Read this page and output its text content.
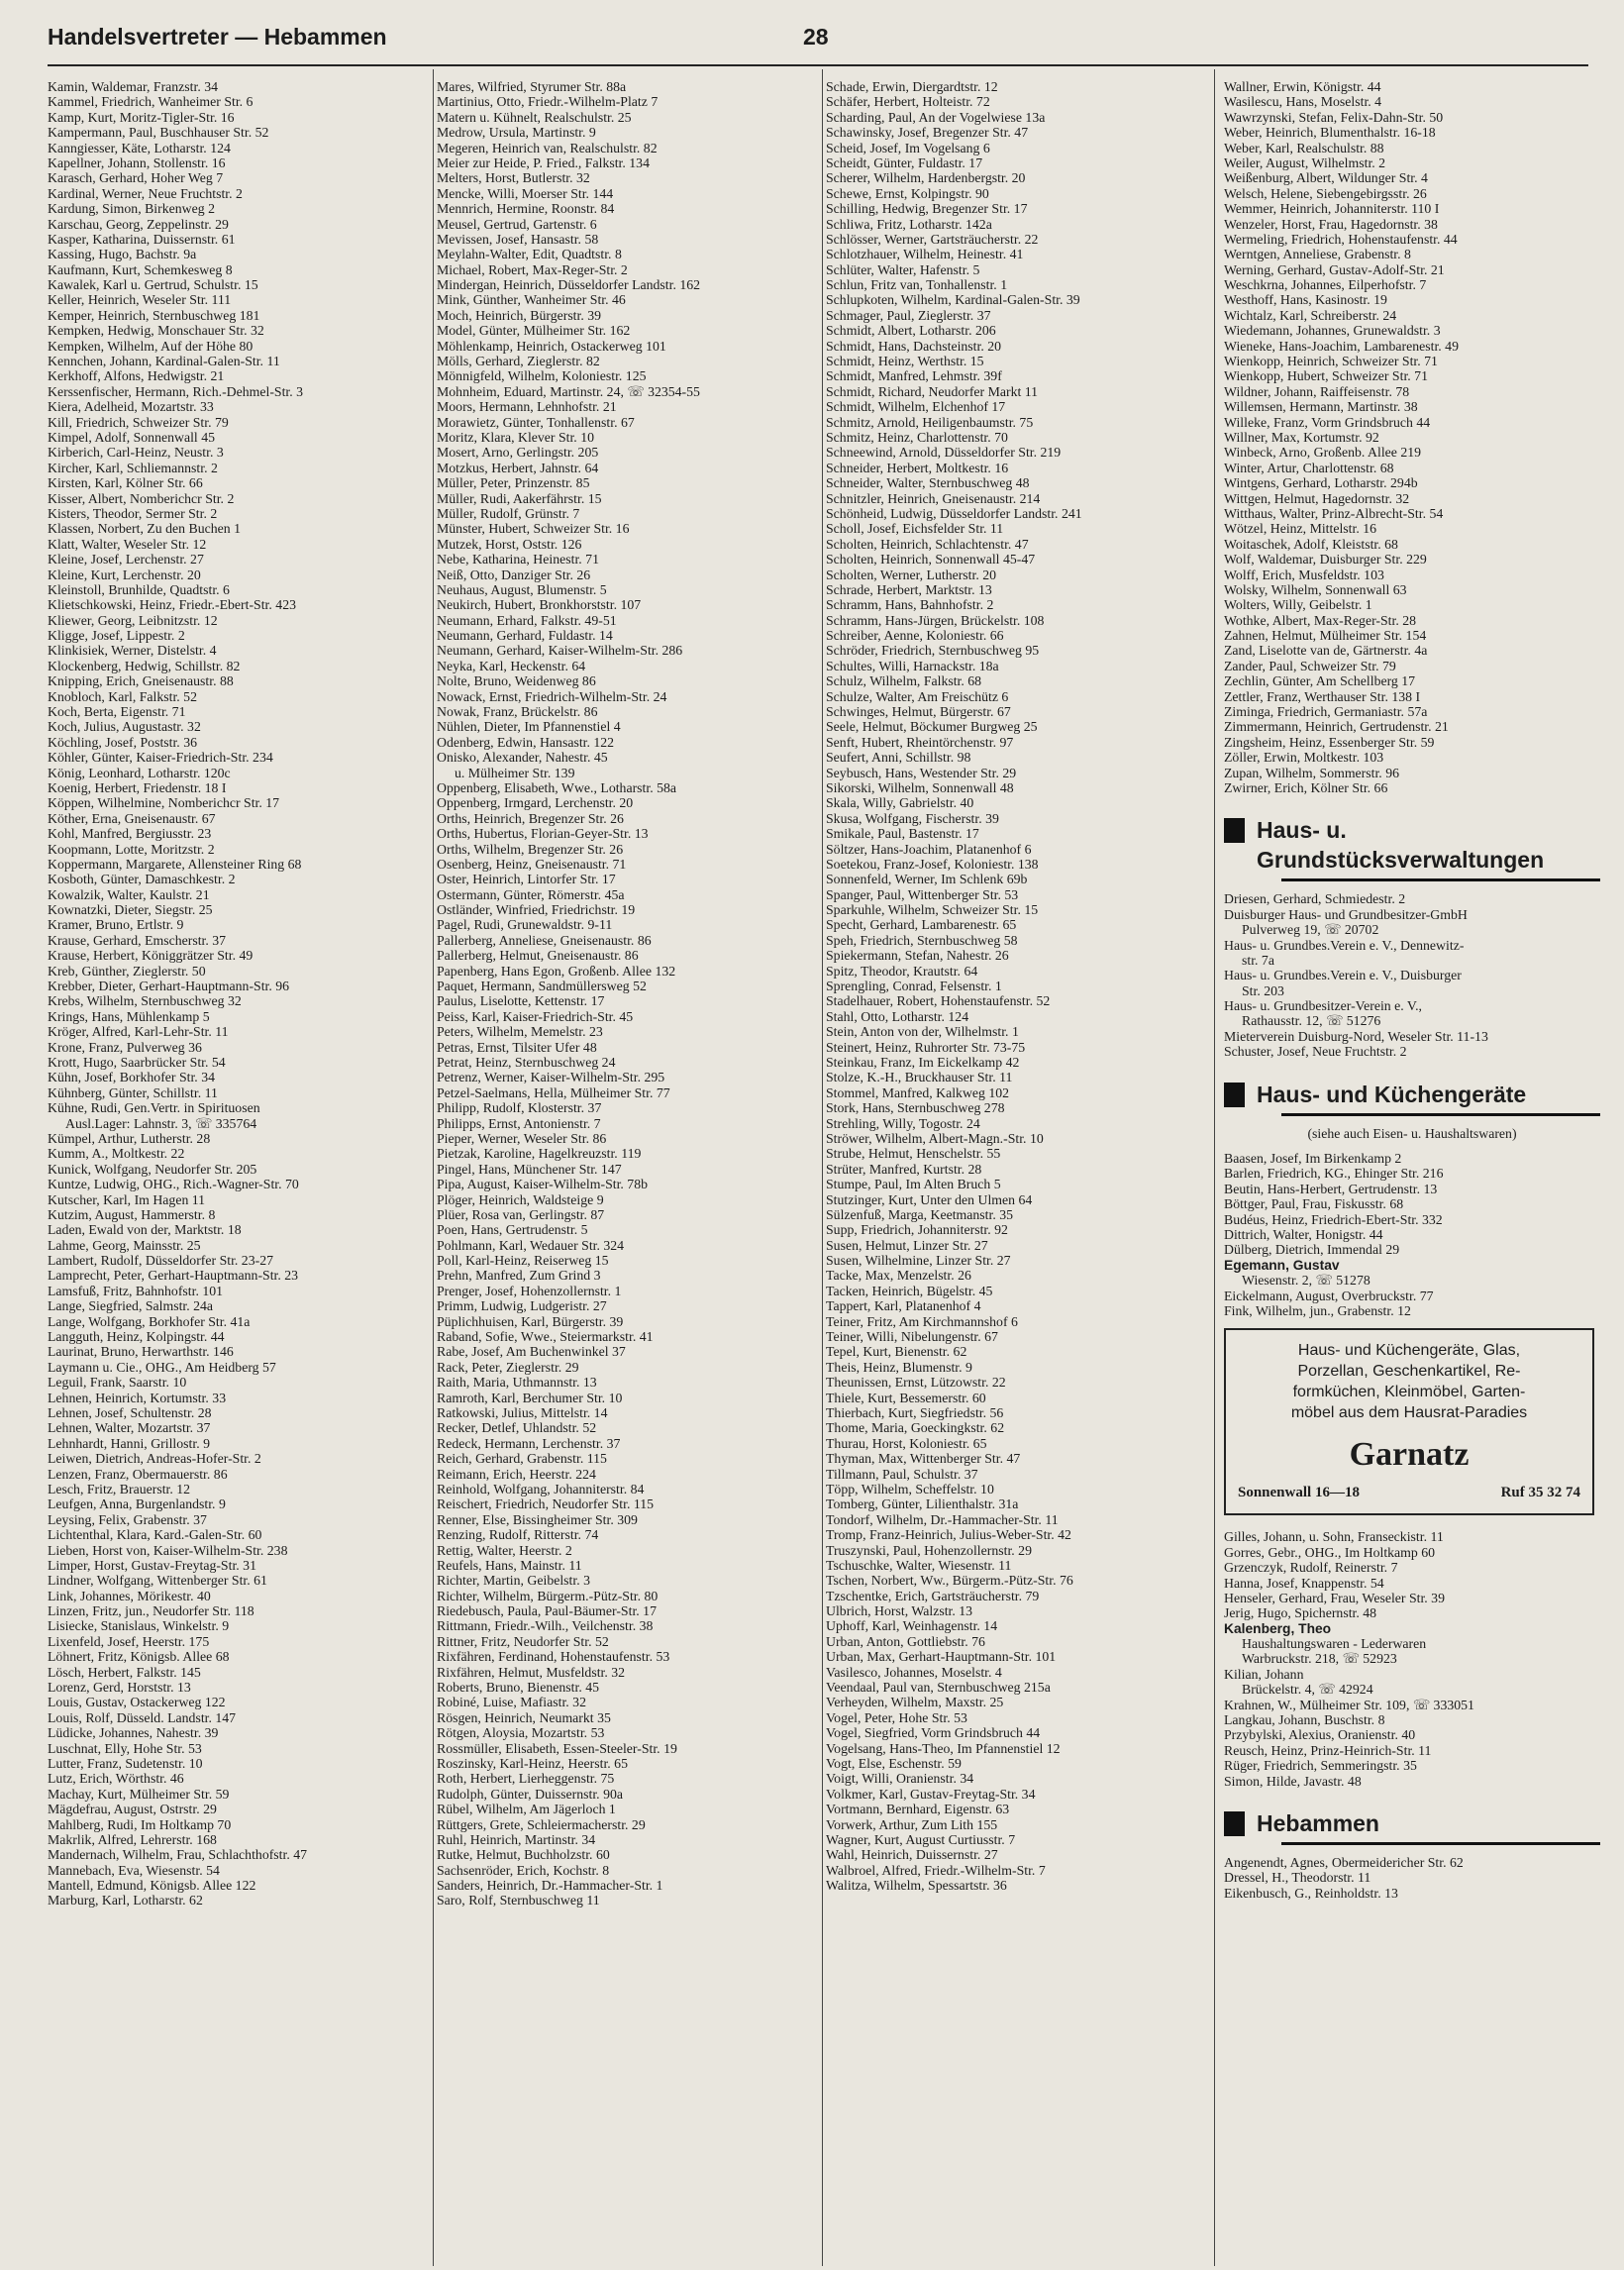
Handelsvertreter — Hebammen	28
Kamin, Waldemar, Franzstr. 34
Kammel, Friedrich, Wanheimer Str. 6
Kamp, Kurt, Moritz-Tigler-Str. 16
Kampermann, Paul, Buschhauser Str. 52
Kanngiesser, Käte, Lotharstr. 124
Kapellner, Johann, Stollenstr. 16
Karasch, Gerhard, Hoher Weg 7
Kardinal, Werner, Neue Fruchtstr. 2
Kardung, Simon, Birkenweg 2
Karschau, Georg, Zeppelinstr. 29
Kasper, Katharina, Duissernstr. 61
Kassing, Hugo, Bachstr. 9a
Kaufmann, Kurt, Schemkesweg 8
Kawalek, Karl u. Gertrud, Schulstr. 15
Keller, Heinrich, Weseler Str. 111
Kemper, Heinrich, Sternbuschweg 181
Kempken, Hedwig, Monschauer Str. 32
Kempken, Wilhelm, Auf der Höhe 80
Kennchen, Johann, Kardinal-Galen-Str. 11
Kerkhoff, Alfons, Hedwigstr. 21
Kerssenfischer, Hermann, Rich.-Dehmel-Str. 3
Kiera, Adelheid, Mozartstr. 33
Kill, Friedrich, Schweizer Str. 79
Kimpel, Adolf, Sonnenwall 45
Kirberich, Carl-Heinz, Neustr. 3
Kircher, Karl, Schliemannstr. 2
Kirsten, Karl, Kölner Str. 66
Kisser, Albert, Nomberichcr Str. 2
Kisters, Theodor, Sermer Str. 2
Klassen, Norbert, Zu den Buchen 1
Klatt, Walter, Weseler Str. 12
Kleine, Josef, Lerchenstr. 27
Kleine, Kurt, Lerchenstr. 20
Kleinstoll, Brunhilde, Quadtstr. 6
Klietschkowski, Heinz, Friedr.-Ebert-Str. 423
Kliewer, Georg, Leibnitzstr. 12
Kligge, Josef, Lippestr. 2
Klinkisiek, Werner, Distelstr. 4
Klockenberg, Hedwig, Schillstr. 82
Knipping, Erich, Gneisenaustr. 88
Knobloch, Karl, Falkstr. 52
Koch, Berta, Eigenstr. 71
Koch, Julius, Augustastr. 32
Köchling, Josef, Poststr. 36
Köhler, Günter, Kaiser-Friedrich-Str. 234
König, Leonhard, Lotharstr. 120c
Koenig, Herbert, Friedenstr. 18 I
Köppen, Wilhelmine, Nomberichcr Str. 17
Köther, Erna, Gneisenaustr. 67
Kohl, Manfred, Bergiusstr. 23
Koopmann, Lotte, Moritzstr. 2
Koppermann, Margarete, Allensteiner Ring 68
Kosboth, Günter, Damaschkestr. 2
Kowalzik, Walter, Kaulstr. 21
Kownatzki, Dieter, Siegstr. 25
Kramer, Bruno, Ertlstr. 9
Krause, Gerhard, Emscherstr. 37
Krause, Herbert, Königgrätzer Str. 49
Kreb, Günther, Zieglerstr. 50
Krebber, Dieter, Gerhart-Hauptmann-Str. 96
Krebs, Wilhelm, Sternbuschweg 32
Krings, Hans, Mühlenkamp 5
Kröger, Alfred, Karl-Lehr-Str. 11
Krone, Franz, Pulverweg 36
Krott, Hugo, Saarbrücker Str. 54
Kühn, Josef, Borkhofer Str. 34
Kühnberg, Günter, Schillstr. 11
Kühne, Rudi, Gen.Vertr. in Spirituosen
Ausl.Lager: Lahnstr. 3, ☏ 335764
Kümpel, Arthur, Lutherstr. 28
Kumm, A., Moltkestr. 22
Kunick, Wolfgang, Neudorfer Str. 205
Kuntze, Ludwig, OHG., Rich.-Wagner-Str. 70
Kutscher, Karl, Im Hagen 11
Kutzim, August, Hammerstr. 8
Laden, Ewald von der, Marktstr. 18
Lahme, Georg, Mainsstr. 25
Lambert, Rudolf, Düsseldorfer Str. 23-27
Lamprecht, Peter, Gerhart-Hauptmann-Str. 23
Lamsfuß, Fritz, Bahnhofstr. 101
Lange, Siegfried, Salmstr. 24a
Lange, Wolfgang, Borkhofer Str. 41a
Langguth, Heinz, Kolpingstr. 44
Laurinat, Bruno, Herwarthstr. 146
Laymann u. Cie., OHG., Am Heidberg 57
Leguil, Frank, Saarstr. 10
Lehnen, Heinrich, Kortumstr. 33
Lehnen, Josef, Schultenstr. 28
Lehnen, Walter, Mozartstr. 37
Lehnhardt, Hanni, Grillostr. 9
Leiwen, Dietrich, Andreas-Hofer-Str. 2
Lenzen, Franz, Obermauerstr. 86
Lesch, Fritz, Brauerstr. 12
Leufgen, Anna, Burgenlandstr. 9
Leysing, Felix, Grabenstr. 37
Lichtenthal, Klara, Kard.-Galen-Str. 60
Lieben, Horst von, Kaiser-Wilhelm-Str. 238
Limper, Horst, Gustav-Freytag-Str. 31
Lindner, Wolfgang, Wittenberger Str. 61
Link, Johannes, Mörikestr. 40
Linzen, Fritz, jun., Neudorfer Str. 118
Lisiecke, Stanislaus, Winkelstr. 9
Lixenfeld, Josef, Heerstr. 175
Löhnert, Fritz, Königsb. Allee 68
Lösch, Herbert, Falkstr. 145
Lorenz, Gerd, Horststr. 13
Louis, Gustav, Ostackerweg 122
Louis, Rolf, Düsseld. Landstr. 147
Lüdicke, Johannes, Nahestr. 39
Luschnat, Elly, Hohe Str. 53
Lutter, Franz, Sudetenstr. 10
Lutz, Erich, Wörthstr. 46
Machay, Kurt, Mülheimer Str. 59
Mägdefrau, August, Ostrstr. 29
Mahlberg, Rudi, Im Holtkamp 70
Makrlik, Alfred, Lehrerstr. 168
Mandernach, Wilhelm, Frau, Schlachthofstr. 47
Mannebach, Eva, Wiesenstr. 54
Mantell, Edmund, Königsb. Allee 122
Marburg, Karl, Lotharstr. 62
Mares, Wilfried, Styrumer Str. 88a
Martinius, Otto, Friedr.-Wilhelm-Platz 7
Matern u. Kühnelt, Realschulstr. 25
Medrow, Ursula, Martinstr. 9
Megeren, Heinrich van, Realschulstr. 82
Meier zur Heide, P. Fried., Falkstr. 134
Melters, Horst, Butlerstr. 32
Mencke, Willi, Moerser Str. 144
Mennrich, Hermine, Roonstr. 84
Meusel, Gertrud, Gartenstr. 6
Mevissen, Josef, Hansastr. 58
Meylahn-Walter, Edit, Quadtstr. 8
Michael, Robert, Max-Reger-Str. 2
Mindergan, Heinrich, Düsseldorfer Landstr. 162
Mink, Günther, Wanheimer Str. 46
Moch, Heinrich, Bürgerstr. 39
Model, Günter, Mülheimer Str. 162
Möhlenkamp, Heinrich, Ostackerweg 101
Mölls, Gerhard, Zieglerstr. 82
Mönnigfeld, Wilhelm, Koloniestr. 125
Mohnheim, Eduard, Martinstr. 24, ☏ 32354-55
Moors, Hermann, Lehnhofstr. 21
Morawietz, Günter, Tonhallenstr. 67
Moritz, Klara, Klever Str. 10
Mosert, Arno, Gerlingstr. 205
Motzkus, Herbert, Jahnstr. 64
Müller, Peter, Prinzenstr. 85
Müller, Rudi, Aakerfährstr. 15
Müller, Rudolf, Grünstr. 7
Münster, Hubert, Schweizer Str. 16
Mutzek, Horst, Oststr. 126
Nebe, Katharina, Heinestr. 71
Neiß, Otto, Danziger Str. 26
Neuhaus, August, Blumenstr. 5
Neukirch, Hubert, Bronkhorststr. 107
Neumann, Erhard, Falkstr. 49-51
Neumann, Gerhard, Fuldastr. 14
Neumann, Gerhard, Kaiser-Wilhelm-Str. 286
Neyka, Karl, Heckenstr. 64
Nolte, Bruno, Weidenweg 86
Nowack, Ernst, Friedrich-Wilhelm-Str. 24
Nowak, Franz, Brückelstr. 86
Nühlen, Dieter, Im Pfannenstiel 4
Odenberg, Edwin, Hansastr. 122
Onisko, Alexander, Nahestr. 45
u. Mülheimer Str. 139
Oppenberg, Elisabeth, Wwe., Lotharstr. 58a
Oppenberg, Irmgard, Lerchenstr. 20
Orths, Heinrich, Bregenzer Str. 26
Orths, Hubertus, Florian-Geyer-Str. 13
Orths, Wilhelm, Bregenzer Str. 26
Osenberg, Heinz, Gneisenaustr. 71
Oster, Heinrich, Lintorfer Str. 17
Ostermann, Günter, Römerstr. 45a
Ostländer, Winfried, Friedrichstr. 19
Pagel, Rudi, Grunewaldstr. 9-11
Pallerberg, Anneliese, Gneisenaustr. 86
Pallerberg, Helmut, Gneisenaustr. 86
Papenberg, Hans Egon, Großenb. Allee 132
Paquet, Hermann, Sandmüllersweg 52
Paulus, Liselotte, Kettenstr. 17
Peiss, Karl, Kaiser-Friedrich-Str. 45
Peters, Wilhelm, Memelstr. 23
Petras, Ernst, Tilsiter Ufer 48
Petrat, Heinz, Sternbuschweg 24
Petrenz, Werner, Kaiser-Wilhelm-Str. 295
Petzel-Saelmans, Hella, Mülheimer Str. 77
Philipp, Rudolf, Klosterstr. 37
Philipps, Ernst, Antonienstr. 7
Pieper, Werner, Weseler Str. 86
Pietzak, Karoline, Hagelkreuzstr. 119
Pingel, Hans, Münchener Str. 147
Pipa, August, Kaiser-Wilhelm-Str. 78b
Plöger, Heinrich, Waldsteige 9
Plüer, Rosa van, Gerlingstr. 87
Poen, Hans, Gertrudenstr. 5
Pohlmann, Karl, Wedauer Str. 324
Poll, Karl-Heinz, Reiserweg 15
Prehn, Manfred, Zum Grind 3
Prenger, Josef, Hohenzollernstr. 1
Primm, Ludwig, Ludgeristr. 27
Püplichhuisen, Karl, Bürgerstr. 39
Raband, Sofie, Wwe., Steiermarkstr. 41
Rabe, Josef, Am Buchenwinkel 37
Rack, Peter, Zieglerstr. 29
Raith, Maria, Uthmannstr. 13
Ramroth, Karl, Berchumer Str. 10
Ratkowski, Julius, Mittelstr. 14
Recker, Detlef, Uhlandstr. 52
Redeck, Hermann, Lerchenstr. 37
Reich, Gerhard, Grabenstr. 115
Reimann, Erich, Heerstr. 224
Reinhold, Wolfgang, Johanniterstr. 84
Reischert, Friedrich, Neudorfer Str. 115
Renner, Else, Bissingheimer Str. 309
Renzing, Rudolf, Ritterstr. 74
Rettig, Walter, Heerstr. 2
Reufels, Hans, Mainstr. 11
Richter, Martin, Geibelstr. 3
Richter, Wilhelm, Bürgerm.-Pütz-Str. 80
Riedebusch, Paula, Paul-Bäumer-Str. 17
Rittmann, Friedr.-Wilh., Veilchenstr. 38
Rittner, Fritz, Neudorfer Str. 52
Rixfähren, Ferdinand, Hohenstaufenstr. 53
Rixfähren, Helmut, Musfeldstr. 32
Roberts, Bruno, Bienenstr. 45
Robiné, Luise, Mafiastr. 32
Rösgen, Heinrich, Neumarkt 35
Rötgen, Aloysia, Mozartstr. 53
Rossmüller, Elisabeth, Essen-Steeler-Str. 19
Roszinsky, Karl-Heinz, Heerstr. 65
Roth, Herbert, Lierheggenstr. 75
Rudolph, Günter, Duissernstr. 90a
Rübel, Wilhelm, Am Jägerloch 1
Rüttgers, Grete, Schleiermacherstr. 29
Ruhl, Heinrich, Martinstr. 34
Rutke, Helmut, Buchholzstr. 60
Sachsenröder, Erich, Kochstr. 8
Sanders, Heinrich, Dr.-Hammacher-Str. 1
Saro, Rolf, Sternbuschweg 11
Schade, Erwin, Diergardtstr. 12
Schäfer, Herbert, Holteistr. 72
Scharding, Paul, An der Vogelwiese 13a
Schawinsky, Josef, Bregenzer Str. 47
Scheid, Josef, Im Vogelsang 6
Scheidt, Günter, Fuldastr. 17
Scherer, Wilhelm, Hardenbergstr. 20
Schewe, Ernst, Kolpingstr. 90
Schilling, Hedwig, Bregenzer Str. 17
Schliwa, Fritz, Lotharstr. 142a
Schlösser, Werner, Gartsträucherstr. 22
Schlotzhauer, Wilhelm, Heinestr. 41
Schlüter, Walter, Hafenstr. 5
Schlun, Fritz van, Tonhallenstr. 1
Schlupkoten, Wilhelm, Kardinal-Galen-Str. 39
Schmager, Paul, Zieglerstr. 37
Schmidt, Albert, Lotharstr. 206
Schmidt, Hans, Dachsteinstr. 20
Schmidt, Heinz, Werthstr. 15
Schmidt, Manfred, Lehmstr. 39f
Schmidt, Richard, Neudorfer Markt 11
Schmidt, Wilhelm, Elchenhof 17
Schmitz, Arnold, Heiligenbaumstr. 75
Schmitz, Heinz, Charlottenstr. 70
Schneewind, Arnold, Düsseldorfer Str. 219
Schneider, Herbert, Moltkestr. 16
Schneider, Walter, Sternbuschweg 48
Schnitzler, Heinrich, Gneisenaustr. 214
Schönheid, Ludwig, Düsseldorfer Landstr. 241
Scholl, Josef, Eichsfelder Str. 11
Scholten, Heinrich, Schlachtenstr. 47
Scholten, Heinrich, Sonnenwall 45-47
Scholten, Werner, Lutherstr. 20
Schrade, Herbert, Marktstr. 13
Schramm, Hans, Bahnhofstr. 2
Schramm, Hans-Jürgen, Brückelstr. 108
Schreiber, Aenne, Koloniestr. 66
Schröder, Friedrich, Sternbuschweg 95
Schultes, Willi, Harnackstr. 18a
Schulz, Wilhelm, Falkstr. 68
Schulze, Walter, Am Freischütz 6
Schwinges, Helmut, Bürgerstr. 67
Seele, Helmut, Böckumer Burgweg 25
Senft, Hubert, Rheintörchenstr. 97
Seufert, Anni, Schillstr. 98
Seybusch, Hans, Westender Str. 29
Sikorski, Wilhelm, Sonnenwall 48
Skala, Willy, Gabrielstr. 40
Skusa, Wolfgang, Fischerstr. 39
Smikale, Paul, Bastenstr. 17
Söltzer, Hans-Joachim, Platanenhof 6
Soetekou, Franz-Josef, Koloniestr. 138
Sonnenfeld, Werner, Im Schlenk 69b
Spanger, Paul, Wittenberger Str. 53
Sparkuhle, Wilhelm, Schweizer Str. 15
Specht, Gerhard, Lambarenestr. 65
Speh, Friedrich, Sternbuschweg 58
Spiekermann, Stefan, Nahestr. 26
Spitz, Theodor, Krautstr. 64
Sprengling, Conrad, Felsenstr. 1
Stadelhauer, Robert, Hohenstaufenstr. 52
Stahl, Otto, Lotharstr. 124
Stein, Anton von der, Wilhelmstr. 1
Steinert, Heinz, Ruhrorter Str. 73-75
Steinkau, Franz, Im Eickelkamp 42
Stolze, K.-H., Bruckhauser Str. 11
Stommel, Manfred, Kalkweg 102
Stork, Hans, Sternbuschweg 278
Strehling, Willy, Togostr. 24
Ströwer, Wilhelm, Albert-Magn.-Str. 10
Strube, Helmut, Henschelstr. 55
Strüter, Manfred, Kurtstr. 28
Stumpe, Paul, Im Alten Bruch 5
Stutzinger, Kurt, Unter den Ulmen 64
Sülzenfuß, Marga, Keetmanstr. 35
Supp, Friedrich, Johanniterstr. 92
Susen, Helmut, Linzer Str. 27
Susen, Wilhelmine, Linzer Str. 27
Tacke, Max, Menzelstr. 26
Tacken, Heinrich, Bügelstr. 45
Tappert, Karl, Platanenhof 4
Teiner, Fritz, Am Kirchmannshof 6
Teiner, Willi, Nibelungenstr. 67
Tepel, Kurt, Bienenstr. 62
Theis, Heinz, Blumenstr. 9
Theunissen, Ernst, Lützowstr. 22
Thiele, Kurt, Bessemerstr. 60
Thierbach, Kurt, Siegfriedstr. 56
Thome, Maria, Goeckingkstr. 62
Thurau, Horst, Koloniestr. 65
Thyman, Max, Wittenberger Str. 47
Tillmann, Paul, Schulstr. 37
Töpp, Wilhelm, Scheffelstr. 10
Tomberg, Günter, Lilienthalstr. 31a
Tondorf, Wilhelm, Dr.-Hammacher-Str. 11
Tromp, Franz-Heinrich, Julius-Weber-Str. 42
Truszynski, Paul, Hohenzollernstr. 29
Tschuschke, Walter, Wiesenstr. 11
Tschen, Norbert, Ww., Bürgerm.-Pütz-Str. 76
Tzschentke, Erich, Gartsträucherstr. 79
Ulbrich, Horst, Walzstr. 13
Uphoff, Karl, Weinhagenstr. 14
Urban, Anton, Gottliebstr. 76
Urban, Max, Gerhart-Hauptmann-Str. 101
Vasilesco, Johannes, Moselstr. 4
Veendaal, Paul van, Sternbuschweg 215a
Verheyden, Wilhelm, Maxstr. 25
Vogel, Peter, Hohe Str. 53
Vogel, Siegfried, Vorm Grindsbruch 44
Vogelsang, Hans-Theo, Im Pfannenstiel 12
Vogt, Else, Eschenstr. 59
Voigt, Willi, Oranienstr. 34
Volkmer, Karl, Gustav-Freytag-Str. 34
Vortmann, Bernhard, Eigenstr. 63
Vorwerk, Arthur, Zum Lith 155
Wagner, Kurt, August Curtiusstr. 7
Wahl, Heinrich, Duissernstr. 27
Walbroel, Alfred, Friedr.-Wilhelm-Str. 7
Walitza, Wilhelm, Spessartstr. 36
Wallner, Erwin, Königstr. 44
Wasilescu, Hans, Moselstr. 4
Wawrzynski, Stefan, Felix-Dahn-Str. 50
Weber, Heinrich, Blumenthalstr. 16-18
Weber, Karl, Realschulstr. 88
Weiler, August, Wilhelmstr. 2
Weißenburg, Albert, Wildunger Str. 4
Welsch, Helene, Siebengebirgsstr. 26
Wemmer, Heinrich, Johanniterstr. 110 I
Wenzeler, Horst, Frau, Hagedornstr. 38
Wermeling, Friedrich, Hohenstaufenstr. 44
Werntgen, Anneliese, Grabenstr. 8
Werning, Gerhard, Gustav-Adolf-Str. 21
Weschkrna, Johannes, Eilperhofstr. 7
Westhoff, Hans, Kasinostr. 19
Wichtalz, Karl, Schreiberstr. 24
Wiedemann, Johannes, Grunewaldstr. 3
Wieneke, Hans-Joachim, Lambarenestr. 49
Wienkopp, Heinrich, Schweizer Str. 71
Wienkopp, Hubert, Schweizer Str. 71
Wildner, Johann, Raiffeisenstr. 78
Willemsen, Hermann, Martinstr. 38
Willeke, Franz, Vorm Grindsbruch 44
Willner, Max, Kortumstr. 92
Winbeck, Arno, Großenb. Allee 219
Winter, Artur, Charlottenstr. 68
Wintgens, Gerhard, Lotharstr. 294b
Wittgen, Helmut, Hagedornstr. 32
Witthaus, Walter, Prinz-Albrecht-Str. 54
Wötzel, Heinz, Mittelstr. 16
Woitaschek, Adolf, Kleiststr. 68
Wolf, Waldemar, Duisburger Str. 229
Wolff, Erich, Musfeldstr. 103
Wolsky, Wilhelm, Sonnenwall 63
Wolters, Willy, Geibelstr. 1
Wothke, Albert, Max-Reger-Str. 28
Zahnen, Helmut, Mülheimer Str. 154
Zand, Liselotte van de, Gärtnerstr. 4a
Zander, Paul, Schweizer Str. 79
Zechlin, Günter, Am Schellberg 17
Zettler, Franz, Werthauser Str. 138 I
Ziminga, Friedrich, Germaniastr. 57a
Zimmermann, Heinrich, Gertrudenstr. 21
Zingsheim, Heinz, Essenberger Str. 59
Zöller, Erwin, Moltkestr. 103
Zupan, Wilhelm, Sommerstr. 96
Zwirner, Erich, Kölner Str. 66
Haus- u. Grundstücksverwaltungen
Driesen, Gerhard, Schmiedestr. 2
Duisburger Haus- und Grundbesitzer-GmbH
Pulverweg 19, ☏ 20702
Haus- u. Grundbes.Verein e. V., Dennewitz-
str. 7a
Haus- u. Grundbes.Verein e. V., Duisburger
Str. 203
Haus- u. Grundbesitzer-Verein e. V.,
Rathausstr. 12, ☏ 51276
Mieterverein Duisburg-Nord, Weseler Str. 11-13
Schuster, Josef, Neue Fruchtstr. 2
Haus- und Küchengeräte
(siehe auch Eisen- u. Haushaltswaren)
Baasen, Josef, Im Birkenkamp 2
Barlen, Friedrich, KG., Ehinger Str. 216
Beutin, Hans-Herbert, Gertrudenstr. 13
Böttger, Paul, Frau, Fiskusstr. 68
Budéus, Heinz, Friedrich-Ebert-Str. 332
Dittrich, Walter, Honigstr. 44
Dülberg, Dietrich, Immendal 29
Egemann, Gustav
Wiesenstr. 2, ☏ 51278
Eickelmann, August, Overbruckstr. 77
Fink, Wilhelm, jun., Grabenstr. 12
Haus- und Küchengeräte, Glas,
Porzellan, Geschenkartikel, Re-
formküchen, Kleinmöbel, Garten-
möbel aus dem Hausrat-Paradies
Garnatz
Sonnenwall 16—18	Ruf 35 32 74
Gilles, Johann, u. Sohn, Franseckistr. 11
Gorres, Gebr., OHG., Im Holtkamp 60
Grzenczyk, Rudolf, Reinerstr. 7
Hanna, Josef, Knappenstr. 54
Henseler, Gerhard, Frau, Weseler Str. 39
Jerig, Hugo, Spichernstr. 48
Kalenberg, Theo
Haushaltungswaren - Lederwaren
Warbruckstr. 218, ☏ 52923
Kilian, Johann
Brückelstr. 4, ☏ 42924
Krahnen, W., Mülheimer Str. 109, ☏ 333051
Langkau, Johann, Buschstr. 8
Przybylski, Alexius, Oranienstr. 40
Reusch, Heinz, Prinz-Heinrich-Str. 11
Rüger, Friedrich, Semmeringstr. 35
Simon, Hilde, Javastr. 48
Hebammen
Angenendt, Agnes, Obermeidericher Str. 62
Dressel, H., Theodorstr. 11
Eikenbusch, G., Reinholdstr. 13
